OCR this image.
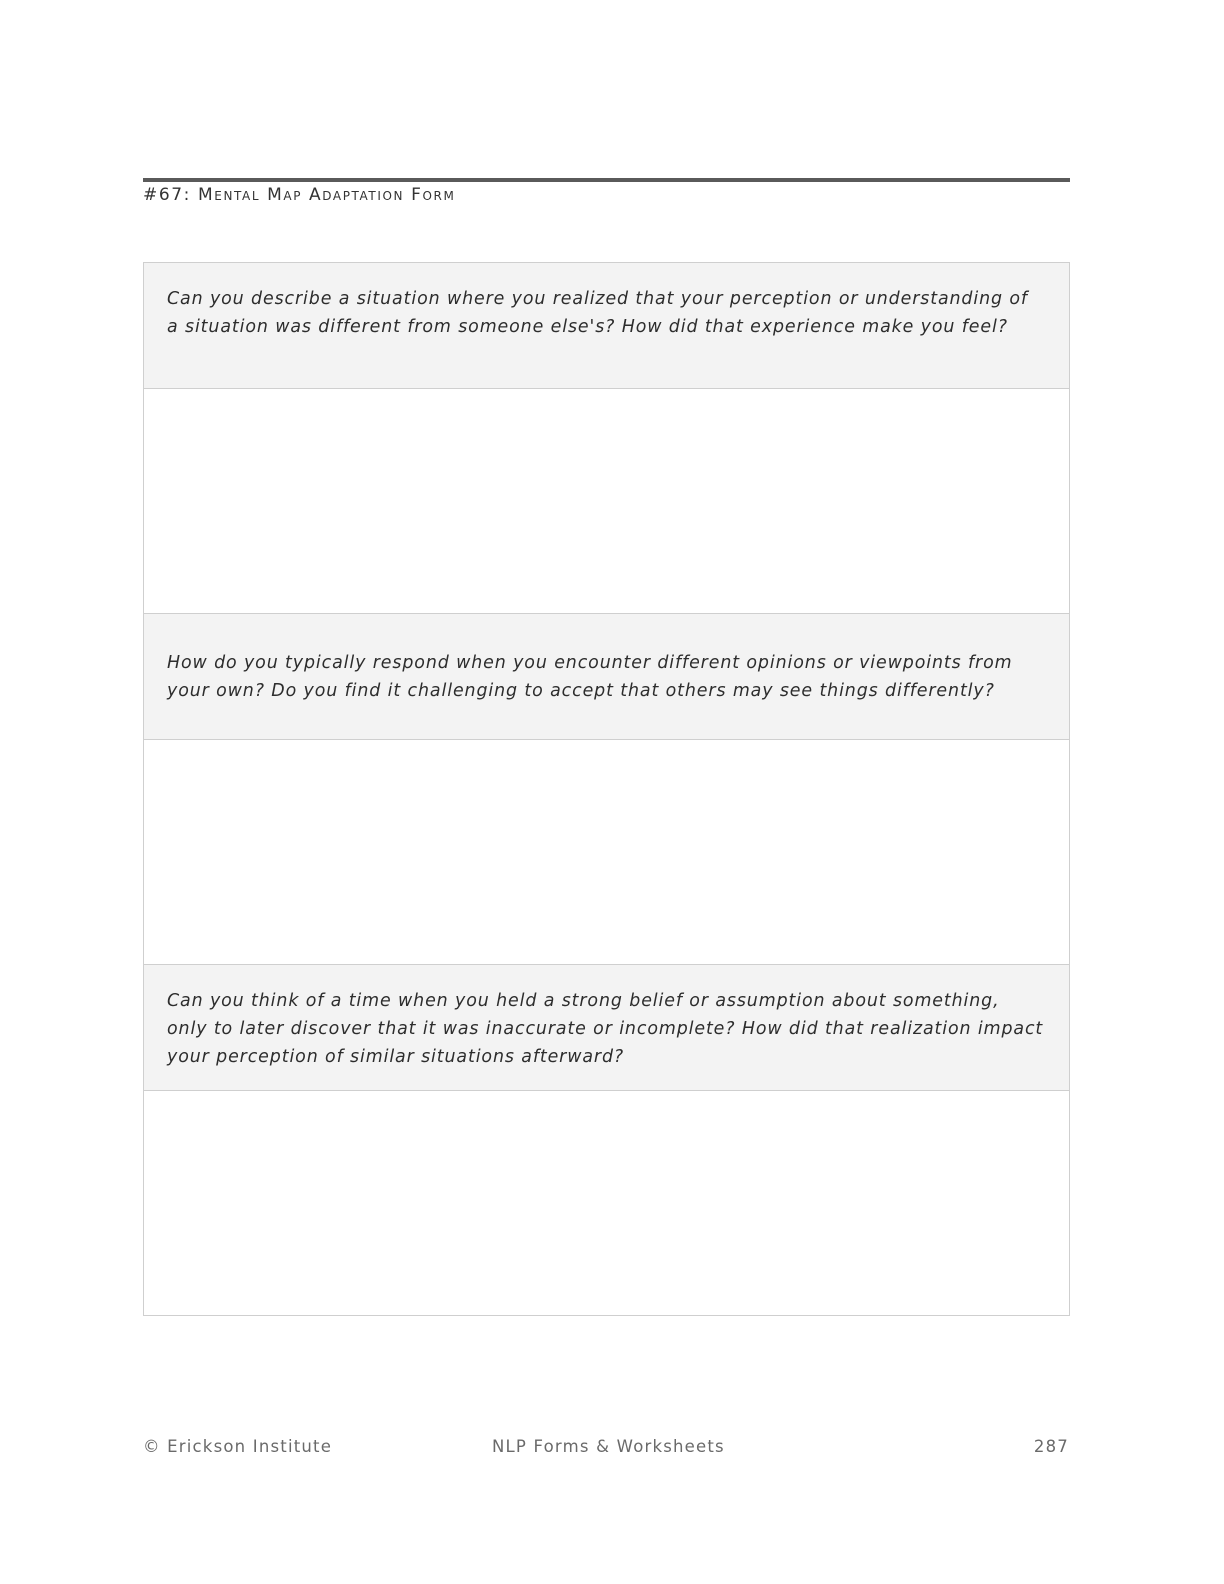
#67: Mental Map Adaptation Form
Can you describe a situation where you realized that your perception or understanding of a situation was different from someone else's? How did that experience make you feel?
How do you typically respond when you encounter different opinions or viewpoints from your own? Do you find it challenging to accept that others may see things differently?
Can you think of a time when you held a strong belief or assumption about something, only to later discover that it was inaccurate or incomplete? How did that realization impact your perception of similar situations afterward?
© Erickson Institute	NLP Forms & Worksheets	287
